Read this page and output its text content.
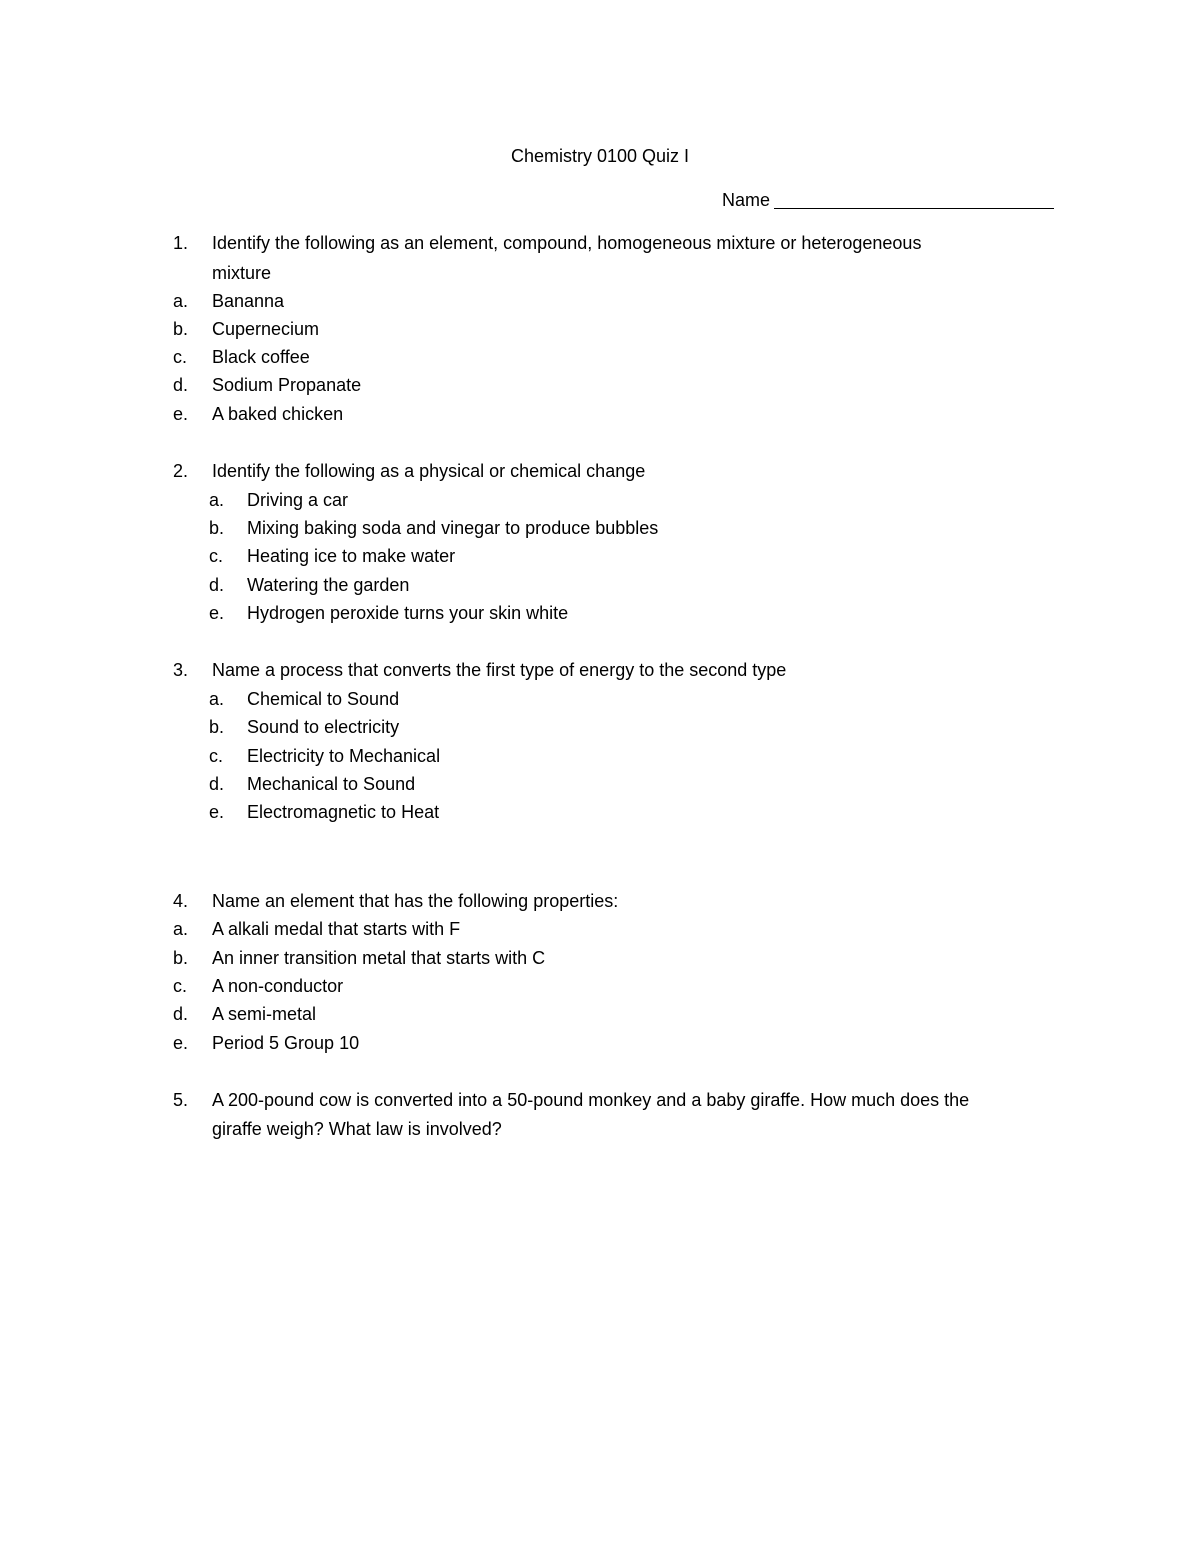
Chemistry 0100 Quiz I
Name
1. Identify the following as an element, compound, homogeneous mixture or heterogeneous
mixture
a. Bananna
b. Cupernecium
c. Black coffee
d. Sodium Propanate
e. A baked chicken
2. Identify the following as a physical or chemical change
a. Driving a car
b. Mixing baking soda and vinegar to produce bubbles
c. Heating ice to make water
d. Watering the garden
e. Hydrogen peroxide turns your skin white
3. Name a process that converts the first type of energy to the second type
a. Chemical to Sound
b. Sound to electricity
c. Electricity to Mechanical
d. Mechanical to Sound
e. Electromagnetic to Heat
4. Name an element that has the following properties:
a. A alkali medal that starts with F
b. An inner transition metal that starts with C
c. A non-conductor
d. A semi-metal
e. Period 5 Group 10
5. A 200-pound cow is converted into a 50-pound monkey and a baby giraffe. How much does the
giraffe weigh? What law is involved?
